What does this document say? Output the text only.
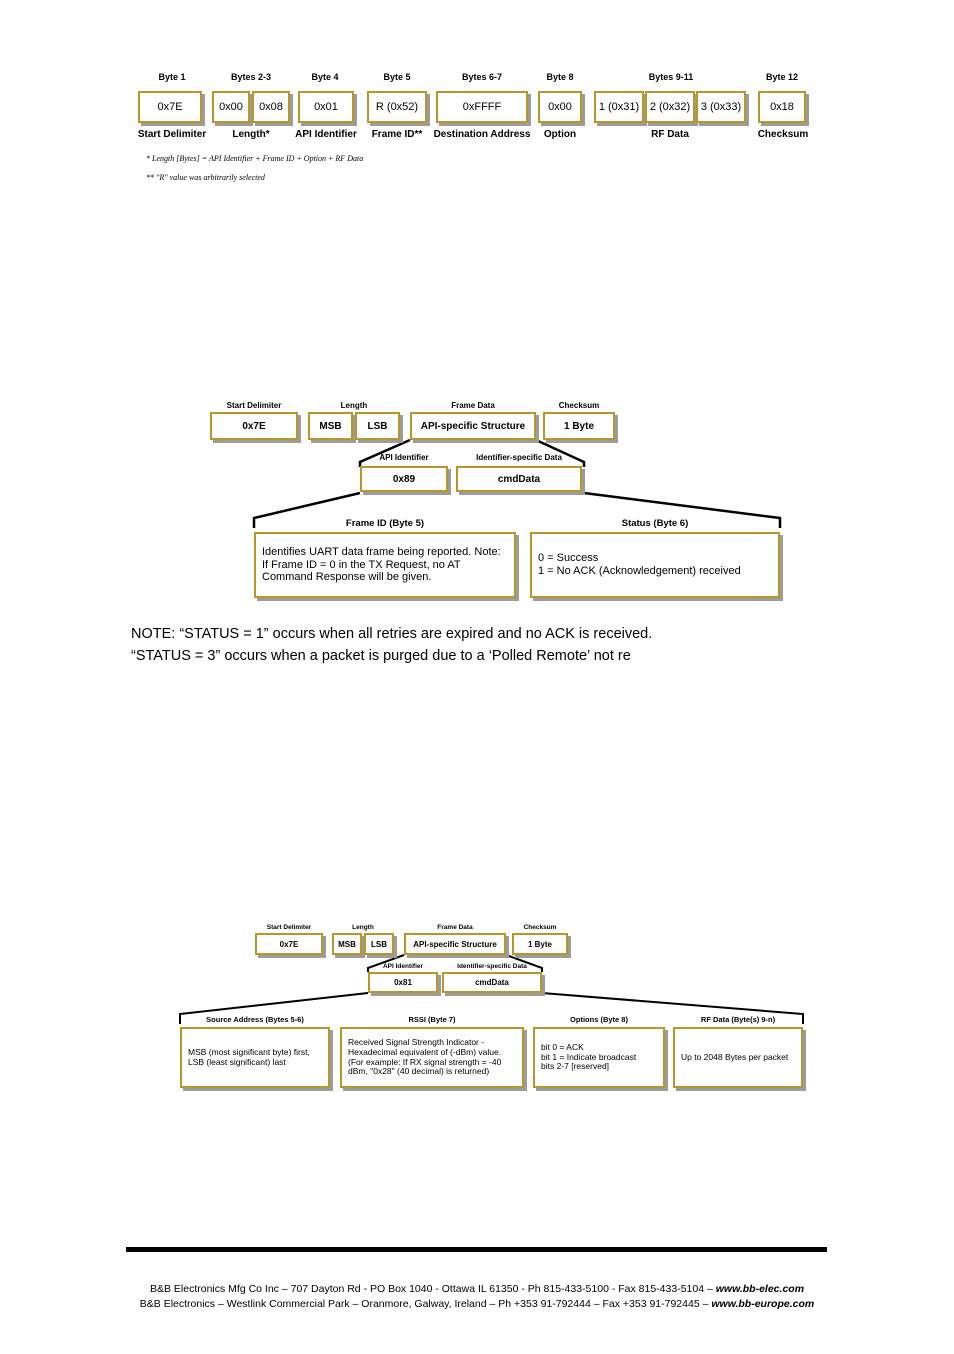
Byte 1	Bytes 2-3	Byte 4	Byte 5	Bytes 6-7	Byte 8	Bytes 9-11	Byte 12
0x7E	0x00	0x08	0x01	R (0x52)	0xFFFF	0x00	1 (0x31) 2 (0x32) 3 (0x33)	0x18
Start Delimiter	Length*	API Identifier	Frame ID**	Destination Address	Option	RF Data	Checksum
* Length [Bytes] = API Identifier + Frame ID + Option + RF Data
** "R" value was arbitrarily selected
Start Delimiter	Length	Frame Data	Checksum
0x7E	MSB	LSB	API-specific Structure	1 Byte
API Identifier	Identifier-specific Data
0x89	cmdData
Frame ID (Byte 5)	Status (Byte 6)
Identifies UART data frame being reported. Note: If Frame ID = 0 in the TX Request, no AT Command Response will be given.
0 = Success
1 = No ACK (Acknowledgement) received
NOTE: “STATUS = 1” occurs when all retries are expired and no ACK is received.
“STATUS = 3” occurs when a packet is purged due to a ‘Polled Remote’ not re
Start Delimiter	Length	Frame Data	Checksum
0x7E	MSB	LSB	API-specific Structure	1 Byte
API Identifier	Identifier-specific Data
0x81	cmdData
Source Address (Bytes 5-6)	RSSI (Byte 7)	Options (Byte 8)	RF Data (Byte(s) 9-n)
MSB (most significant byte) first, LSB (least significant) last
Received Signal Strength Indicator - Hexadecimal equivalent of (-dBm) value. (For example: If RX signal strength = -40 dBm, "0x28" (40 decimal) is returned)
bit 0 = ACK
bit 1 = Indicate broadcast
bits 2-7 [reserved]
Up to 2048 Bytes per packet
B&B Electronics Mfg Co Inc – 707 Dayton Rd - PO Box 1040 - Ottawa IL 61350 - Ph 815-433-5100 - Fax 815-433-5104 – www.bb-elec.com
B&B Electronics – Westlink Commercial Park – Oranmore, Galway, Ireland – Ph +353 91-792444 – Fax +353 91-792445 – www.bb-europe.com
